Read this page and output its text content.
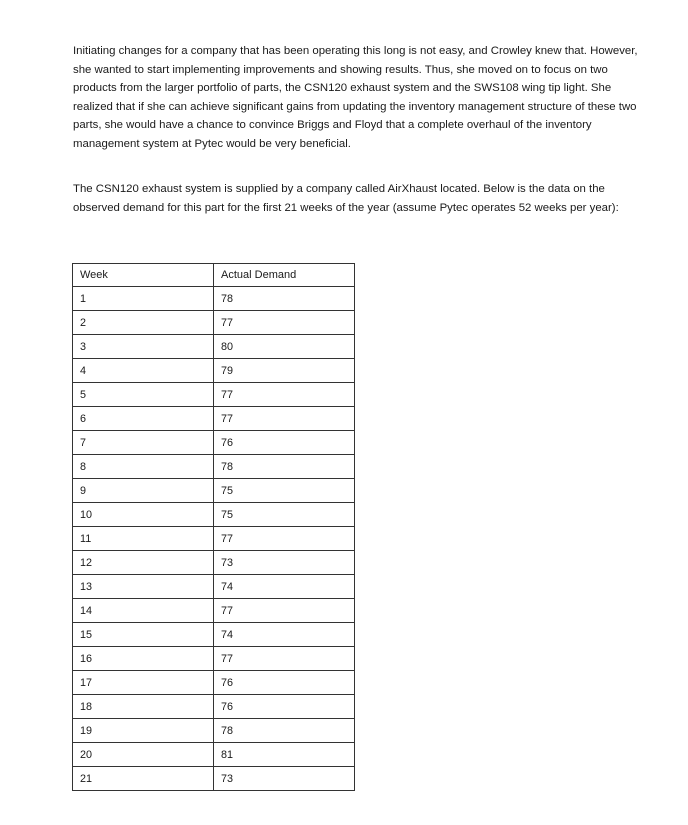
Initiating changes for a company that has been operating this long is not easy, and Crowley knew that. However, she wanted to start implementing improvements and showing results. Thus, she moved on to focus on two products from the larger portfolio of parts, the CSN120 exhaust system and the SWS108 wing tip light. She realized that if she can achieve significant gains from updating the inventory management structure of these two parts, she would have a chance to convince Briggs and Floyd that a complete overhaul of the inventory management system at Pytec would be very beneficial.

The CSN120 exhaust system is supplied by a company called AirXhaust located. Below is the data on the observed demand for this part for the first 21 weeks of the year (assume Pytec operates 52 weeks per year):

Week	Actual Demand
1	78
2	77
3	80
4	79
5	77
6	77
7	76
8	78
9	75
10	75
11	77
12	73
13	74
14	77
15	74
16	77
17	76
18	76
19	78
20	81
21	73
